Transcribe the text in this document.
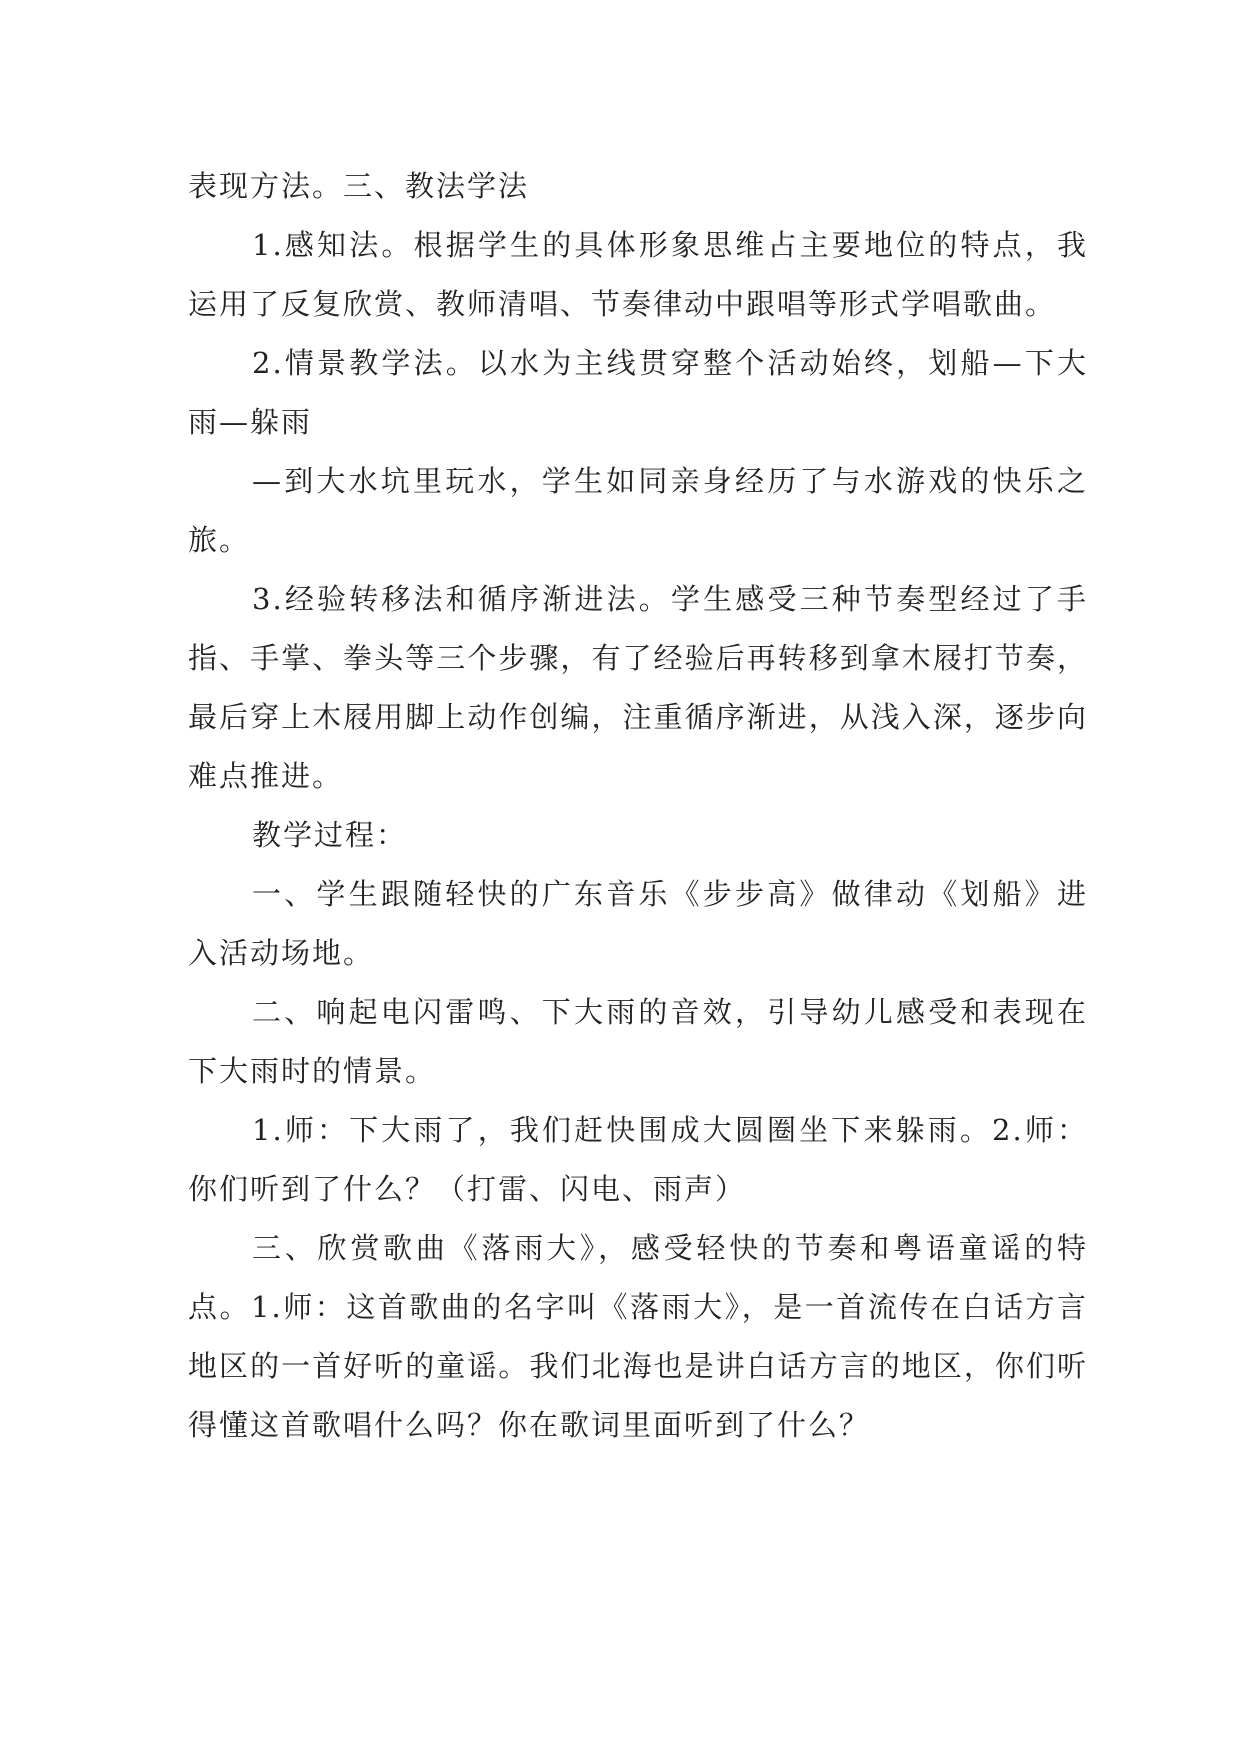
表现方法。三、教法学法

1.感知法。根据学生的具体形象思维占主要地位的特点，我运用了反复欣赏、教师清唱、节奏律动中跟唱等形式学唱歌曲。

2.情景教学法。以水为主线贯穿整个活动始终，划船—下大雨—躲雨

—到大水坑里玩水，学生如同亲身经历了与水游戏的快乐之旅。

3.经验转移法和循序渐进法。学生感受三种节奏型经过了手指、手掌、拳头等三个步骤，有了经验后再转移到拿木屐打节奏，最后穿上木屐用脚上动作创编，注重循序渐进，从浅入深，逐步向难点推进。

教学过程：

一、学生跟随轻快的广东音乐《步步高》做律动《划船》进入活动场地。

二、响起电闪雷鸣、下大雨的音效，引导幼儿感受和表现在下大雨时的情景。

1.师：下大雨了，我们赶快围成大圆圈坐下来躲雨。2.师：你们听到了什么？（打雷、闪电、雨声）

三、欣赏歌曲《落雨大》，感受轻快的节奏和粤语童谣的特点。1.师：这首歌曲的名字叫《落雨大》，是一首流传在白话方言地区的一首好听的童谣。我们北海也是讲白话方言的地区，你们听得懂这首歌唱什么吗？你在歌词里面听到了什么？
